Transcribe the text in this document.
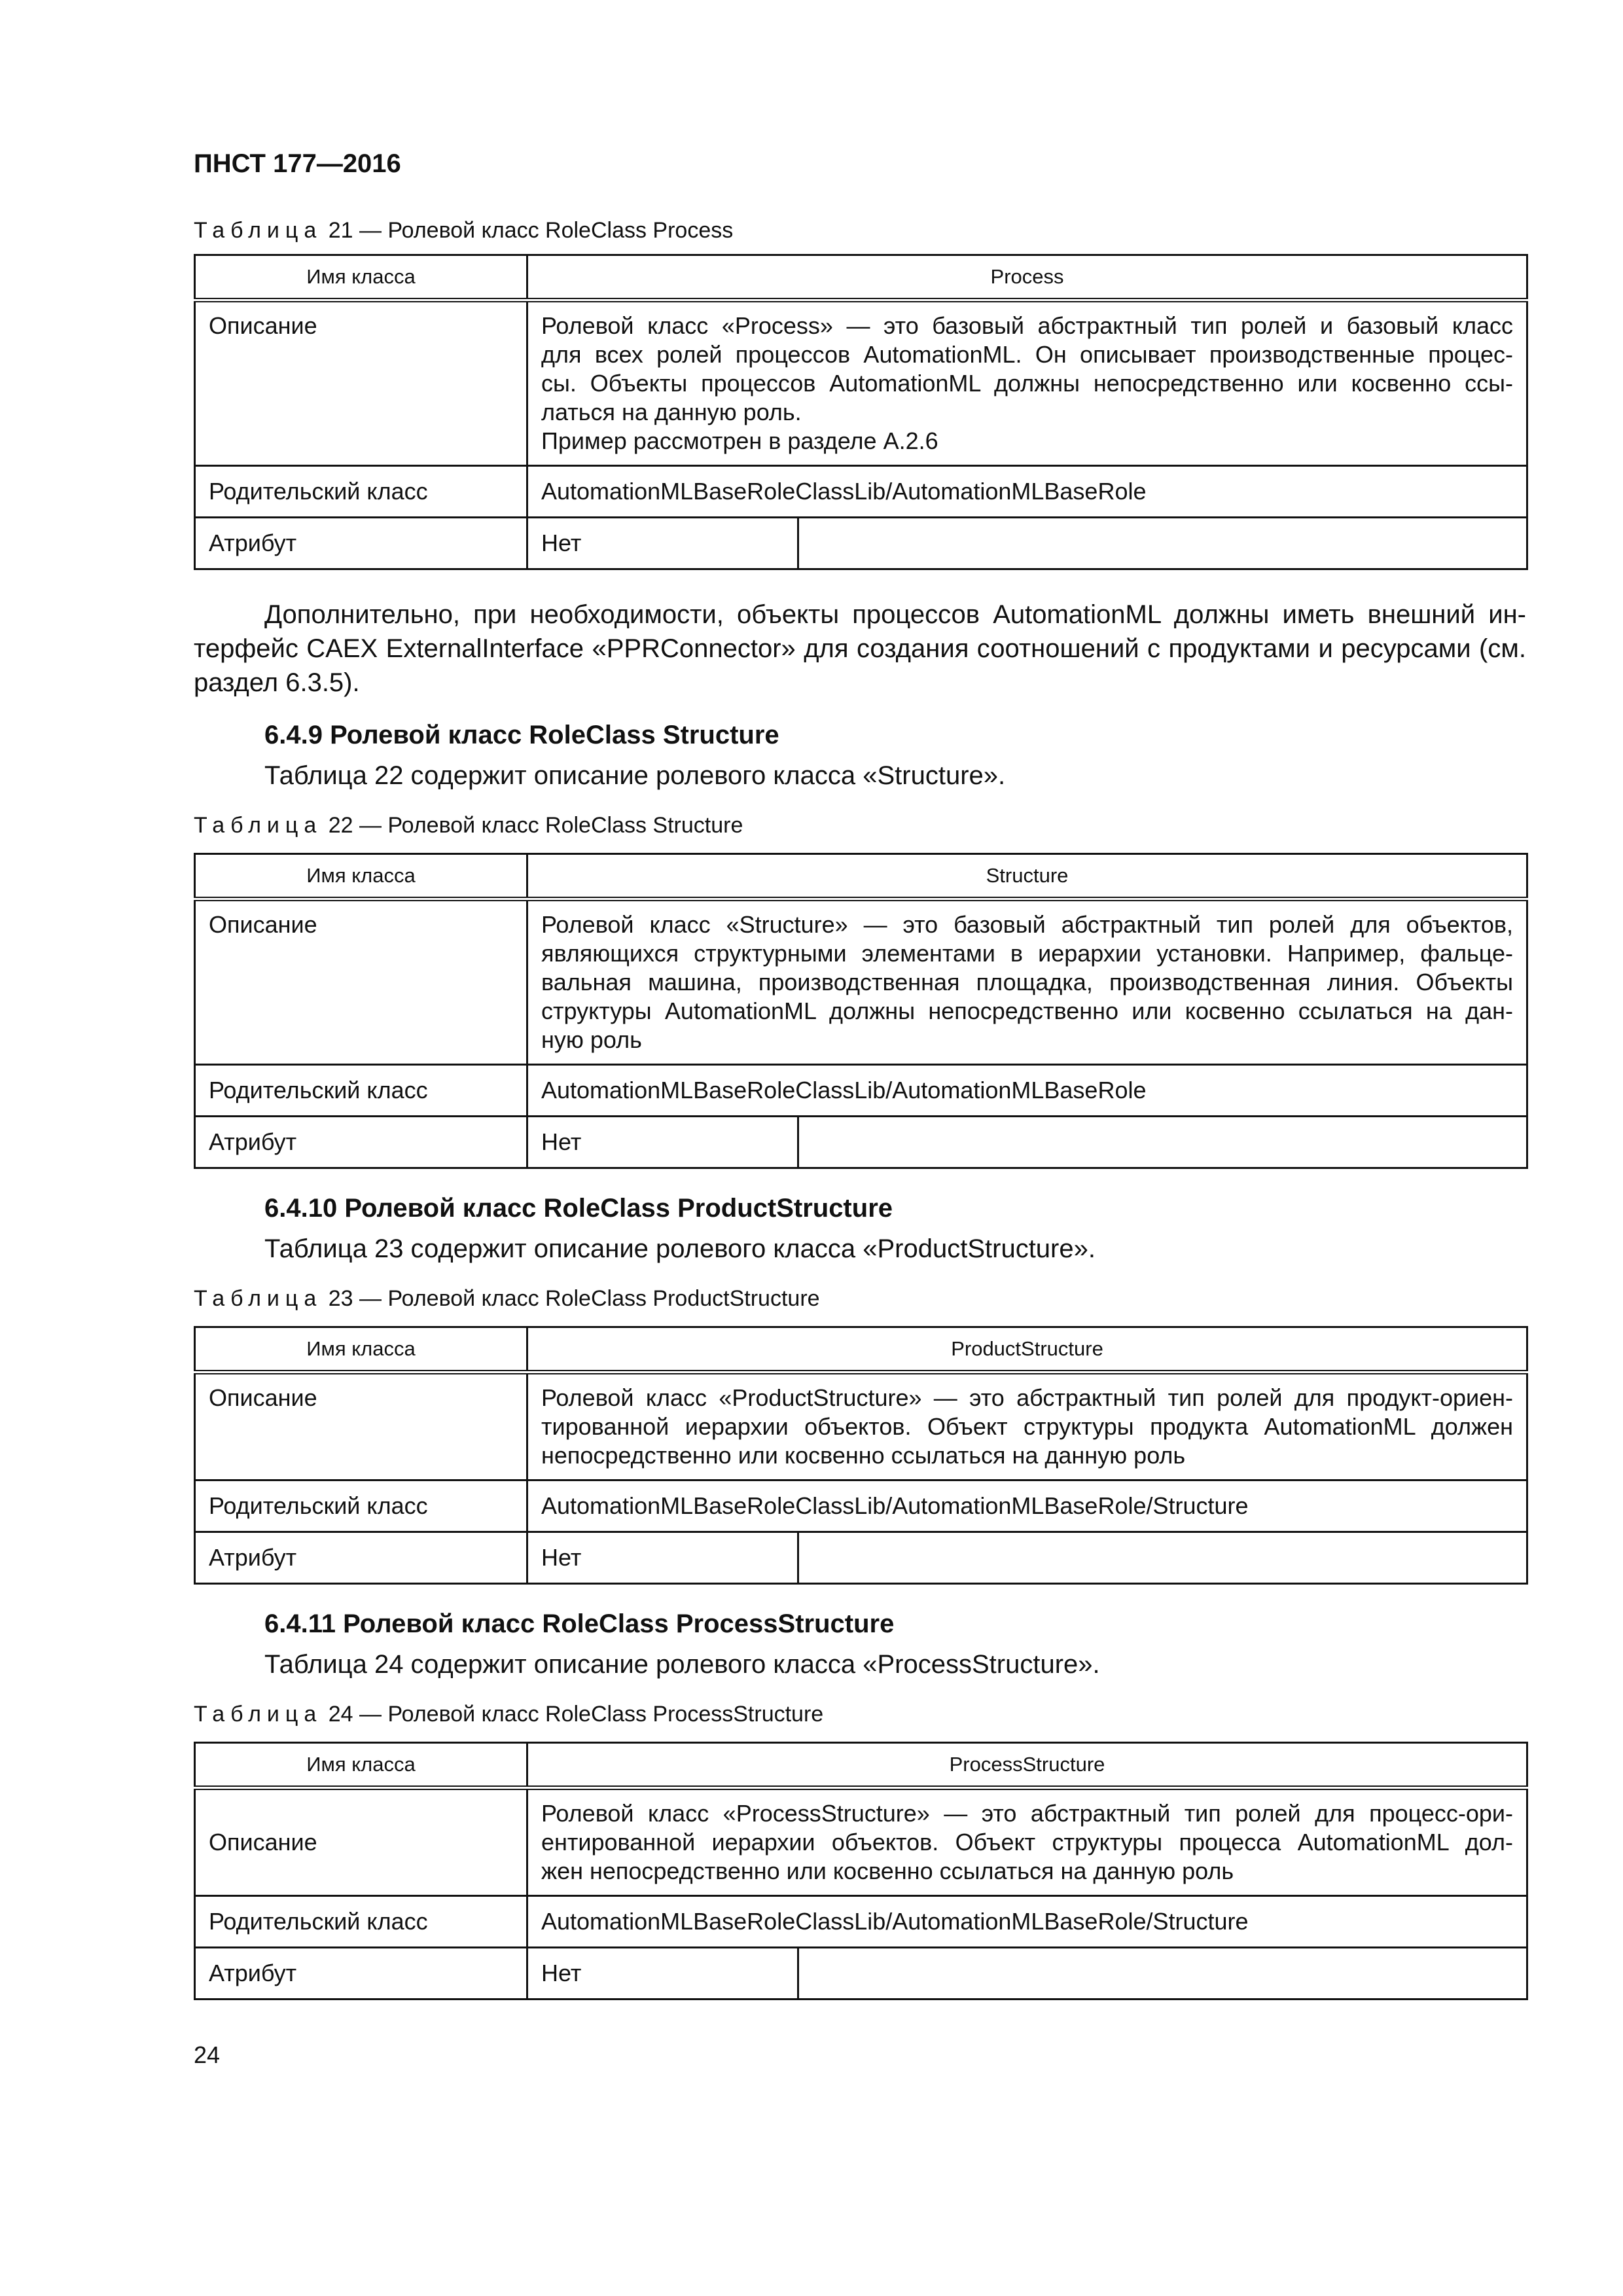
ПНСТ 177—2016
Таблица 21 — Ролевой класс RoleClass Process
Имя класса	Process	
Описание	Ролевой класс «Process» — это базовый абстрактный тип ролей и базовый класс
для всех ролей процессов AutomationML. Он описывает производственные процес-
сы. Объекты процессов AutomationML должны непосредственно или косвенно ссы-
латься на данную роль.
Пример рассмотрен в разделе А.2.6	

Родительский класс	AutomationMLBaseRoleClassLib/AutomationMLBaseRole	
Атрибут	Нет	
Дополнительно, при необходимости, объекты процессов AutomationML должны иметь внешний ин- терфейс CAEX ExternalInterface «PPRConnector» для создания соотношений с продуктами и ресурсами (см. раздел 6.3.5).
6.4.9 Ролевой класс RoleClass Structure
Таблица 22 содержит описание ролевого класса «Structure».
Таблица 22 — Ролевой класс RoleClass Structure
Имя класса	Structure	
Описание	Ролевой класс «Structure» — это базовый абстрактный тип ролей для объектов,
являющихся структурными элементами в иерархии установки. Например, фальце-
вальная машина, производственная площадка, производственная линия. Объекты
структуры AutomationML должны непосредственно или косвенно ссылаться на дан-
ную роль	

Родительский класс	AutomationMLBaseRoleClassLib/AutomationMLBaseRole	
Атрибут	Нет	
6.4.10 Ролевой класс RoleClass ProductStructure
Таблица 23 содержит описание ролевого класса «ProductStructure».
Таблица 23 — Ролевой класс RoleClass ProductStructure
Имя класса	ProductStructure	
Описание	Ролевой класс «ProductStructure» — это абстрактный тип ролей для продукт-ориен-
тированной иерархии объектов. Объект структуры продукта AutomationML должен
непосредственно или косвенно ссылаться на данную роль	

Родительский класс	AutomationMLBaseRoleClassLib/AutomationMLBaseRole/Structure	
Атрибут	Нет	
6.4.11 Ролевой класс RoleClass ProcessStructure
Таблица 24 содержит описание ролевого класса «ProcessStructure».
Таблица 24 — Ролевой класс RoleClass ProcessStructure
Имя класса	ProcessStructure	
Описание	Ролевой класс «ProcessStructure» — это абстрактный тип ролей для процесс-ори-
ентированной иерархии объектов. Объект структуры процесса AutomationML дол-
жен непосредственно или косвенно ссылаться на данную роль	

Родительский класс	AutomationMLBaseRoleClassLib/AutomationMLBaseRole/Structure	
Атрибут	Нет	
24
